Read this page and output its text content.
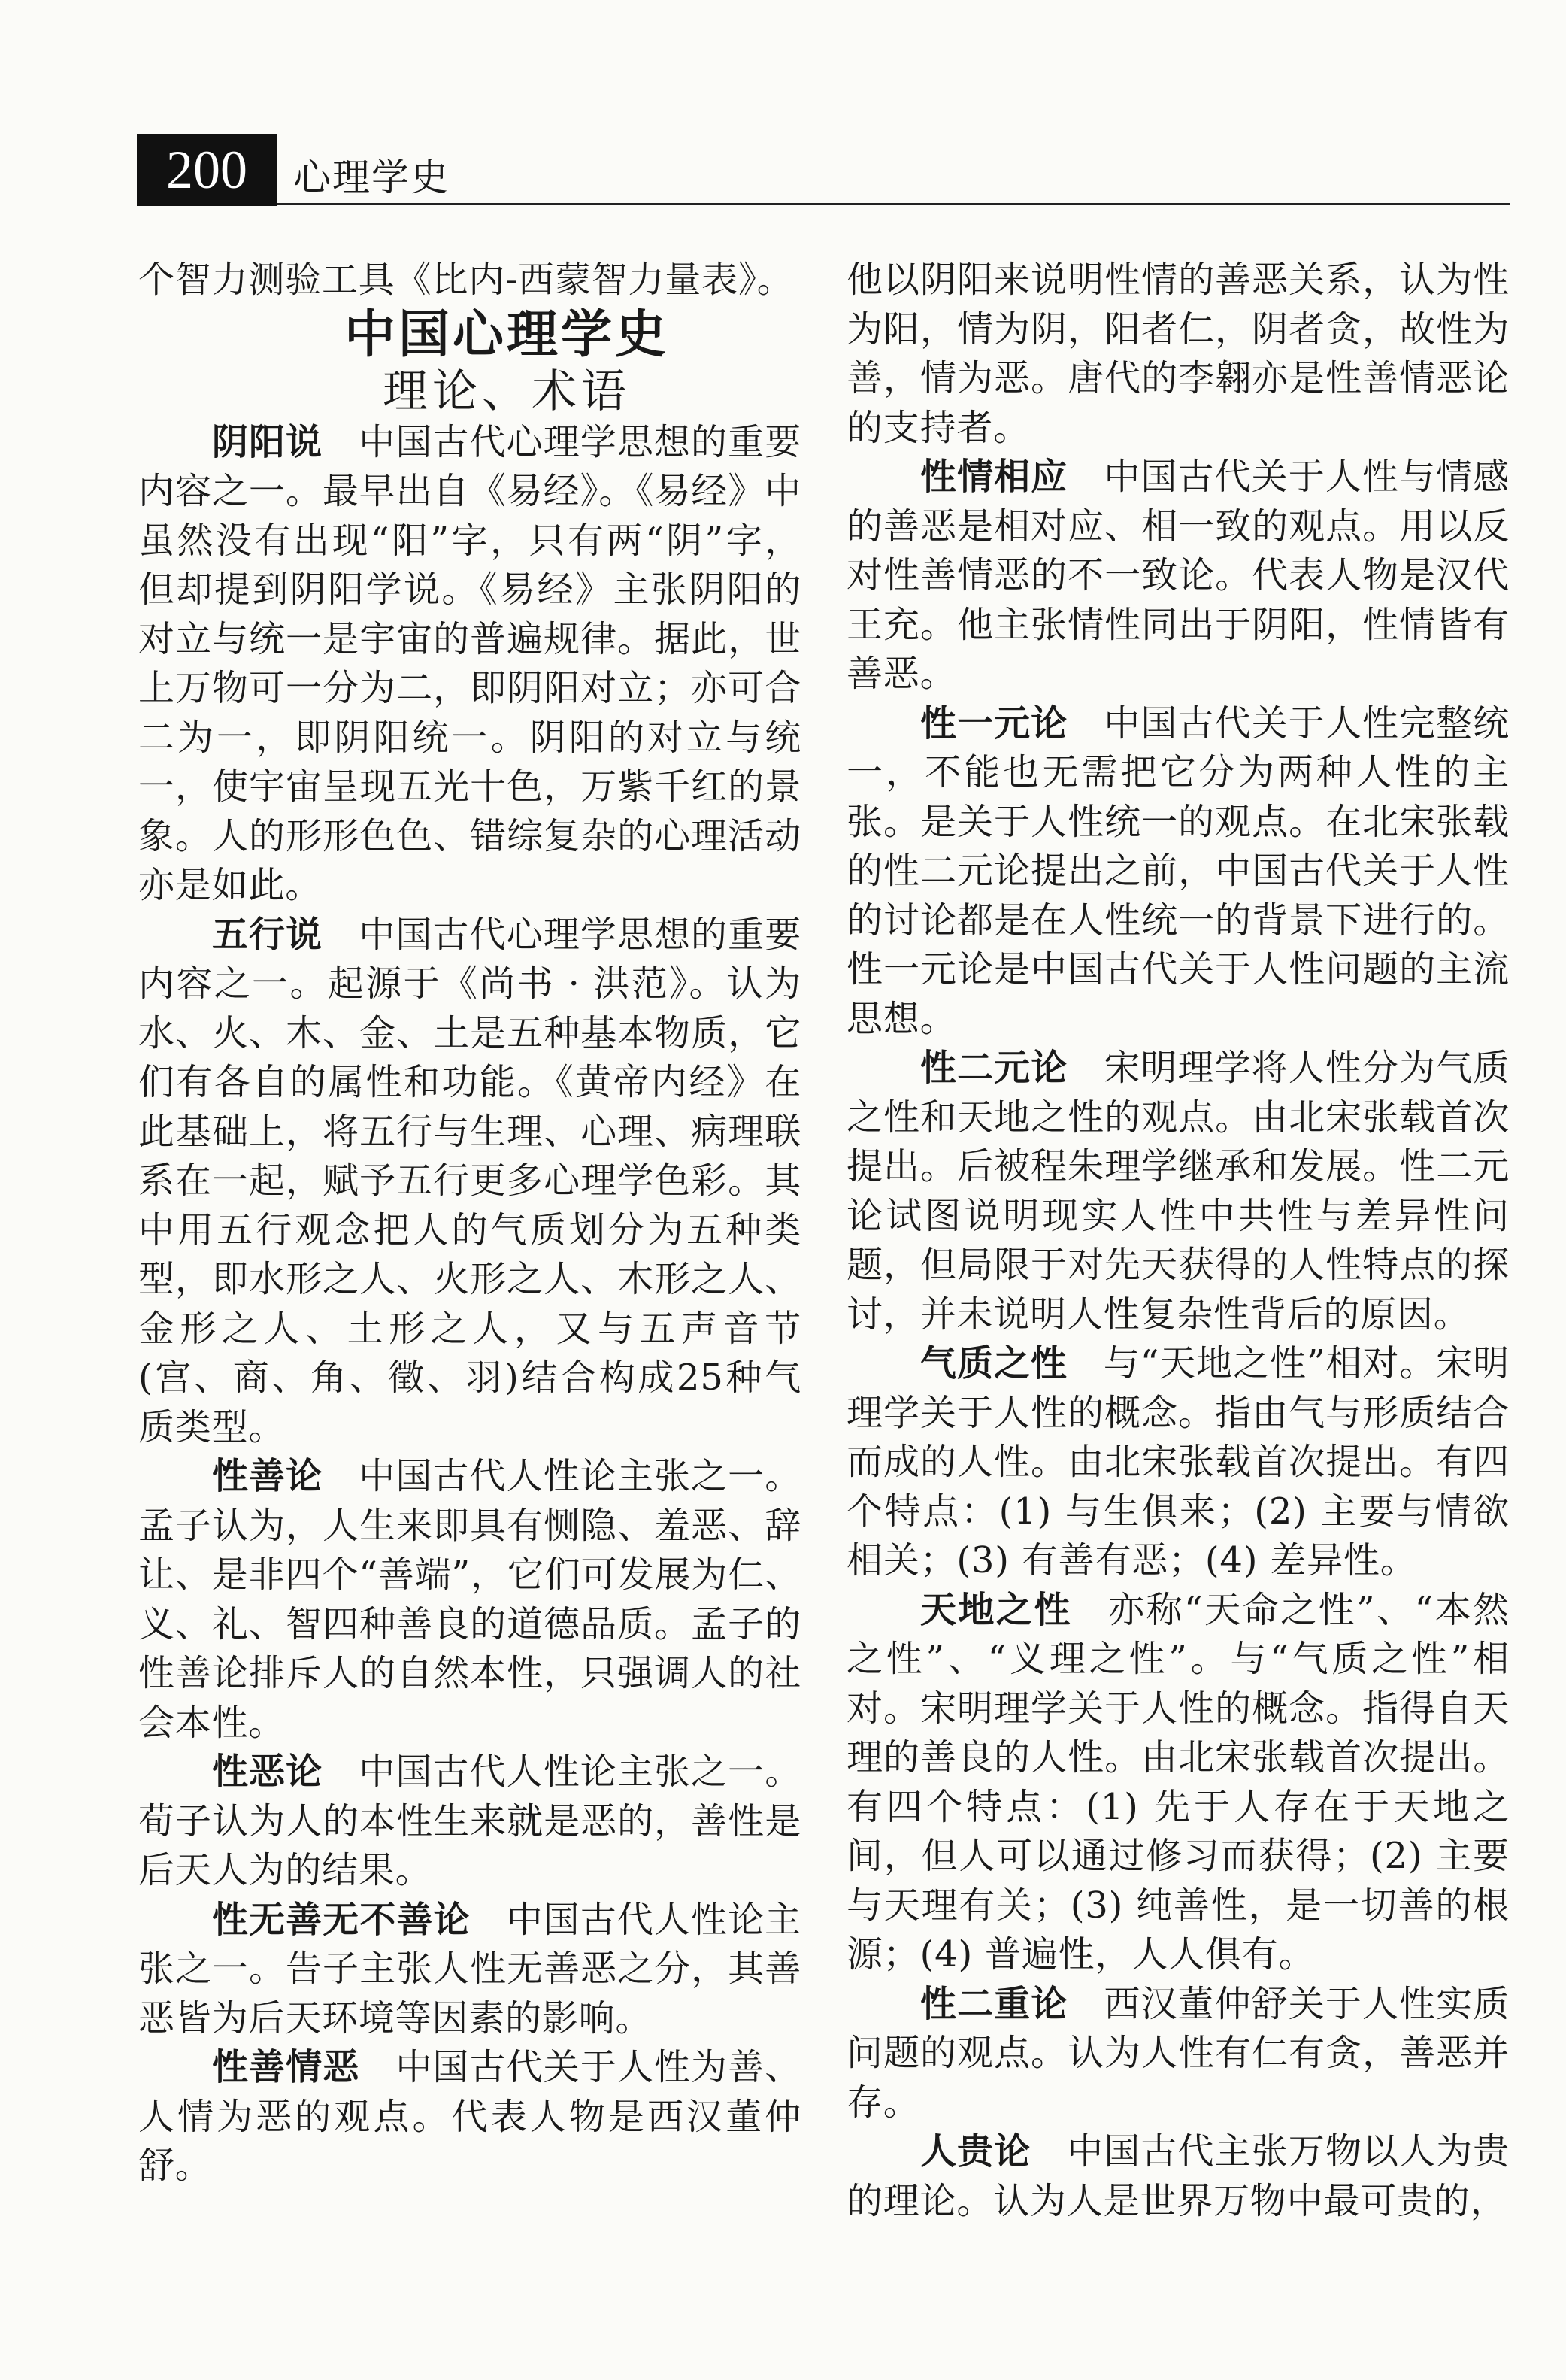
200	心理学史

个智力测验工具《比内-西蒙智力量表》。

中国心理学史

理论、术语

阴阳说 中国古代心理学思想的重要内容之一。最早出自《易经》。《易经》中虽然没有出现“阳”字，只有两“阴”字，但却提到阴阳学说。《易经》主张阴阳的对立与统一是宇宙的普遍规律。据此，世上万物可一分为二，即阴阳对立；亦可合二为一，即阴阳统一。阴阳的对立与统一，使宇宙呈现五光十色，万紫千红的景象。人的形形色色、错综复杂的心理活动亦是如此。

五行说 中国古代心理学思想的重要内容之一。起源于《尚书 · 洪范》。认为水、火、木、金、土是五种基本物质，它们有各自的属性和功能。《黄帝内经》在此基础上，将五行与生理、心理、病理联系在一起，赋予五行更多心理学色彩。其中用五行观念把人的气质划分为五种类型，即水形之人、火形之人、木形之人、金形之人、土形之人，又与五声音节(宫、商、角、徵、羽)结合构成25种气质类型。

性善论 中国古代人性论主张之一。孟子认为，人生来即具有恻隐、羞恶、辞让、是非四个“善端”，它们可发展为仁、义、礼、智四种善良的道德品质。孟子的性善论排斥人的自然本性，只强调人的社会本性。

性恶论 中国古代人性论主张之一。荀子认为人的本性生来就是恶的，善性是后天人为的结果。

性无善无不善论 中国古代人性论主张之一。告子主张人性无善恶之分，其善恶皆为后天环境等因素的影响。

性善情恶 中国古代关于人性为善、人情为恶的观点。代表人物是西汉董仲舒。

他以阴阳来说明性情的善恶关系，认为性为阳，情为阴，阳者仁，阴者贪，故性为善，情为恶。唐代的李翱亦是性善情恶论的支持者。

性情相应 中国古代关于人性与情感的善恶是相对应、相一致的观点。用以反对性善情恶的不一致论。代表人物是汉代王充。他主张情性同出于阴阳，性情皆有善恶。

性一元论 中国古代关于人性完整统一，不能也无需把它分为两种人性的主张。是关于人性统一的观点。在北宋张载的性二元论提出之前，中国古代关于人性的讨论都是在人性统一的背景下进行的。性一元论是中国古代关于人性问题的主流思想。

性二元论 宋明理学将人性分为气质之性和天地之性的观点。由北宋张载首次提出。后被程朱理学继承和发展。性二元论试图说明现实人性中共性与差异性问题，但局限于对先天获得的人性特点的探讨，并未说明人性复杂性背后的原因。

气质之性 与“天地之性”相对。宋明理学关于人性的概念。指由气与形质结合而成的人性。由北宋张载首次提出。有四个特点：(1) 与生俱来；(2) 主要与情欲相关；(3) 有善有恶；(4) 差异性。

天地之性 亦称“天命之性”、“本然之性”、“义理之性”。与“气质之性”相对。宋明理学关于人性的概念。指得自天理的善良的人性。由北宋张载首次提出。有四个特点：(1) 先于人存在于天地之间，但人可以通过修习而获得；(2) 主要与天理有关；(3) 纯善性，是一切善的根源；(4) 普遍性，人人俱有。

性二重论 西汉董仲舒关于人性实质问题的观点。认为人性有仁有贪，善恶并存。

人贵论 中国古代主张万物以人为贵的理论。认为人是世界万物中最可贵的，
